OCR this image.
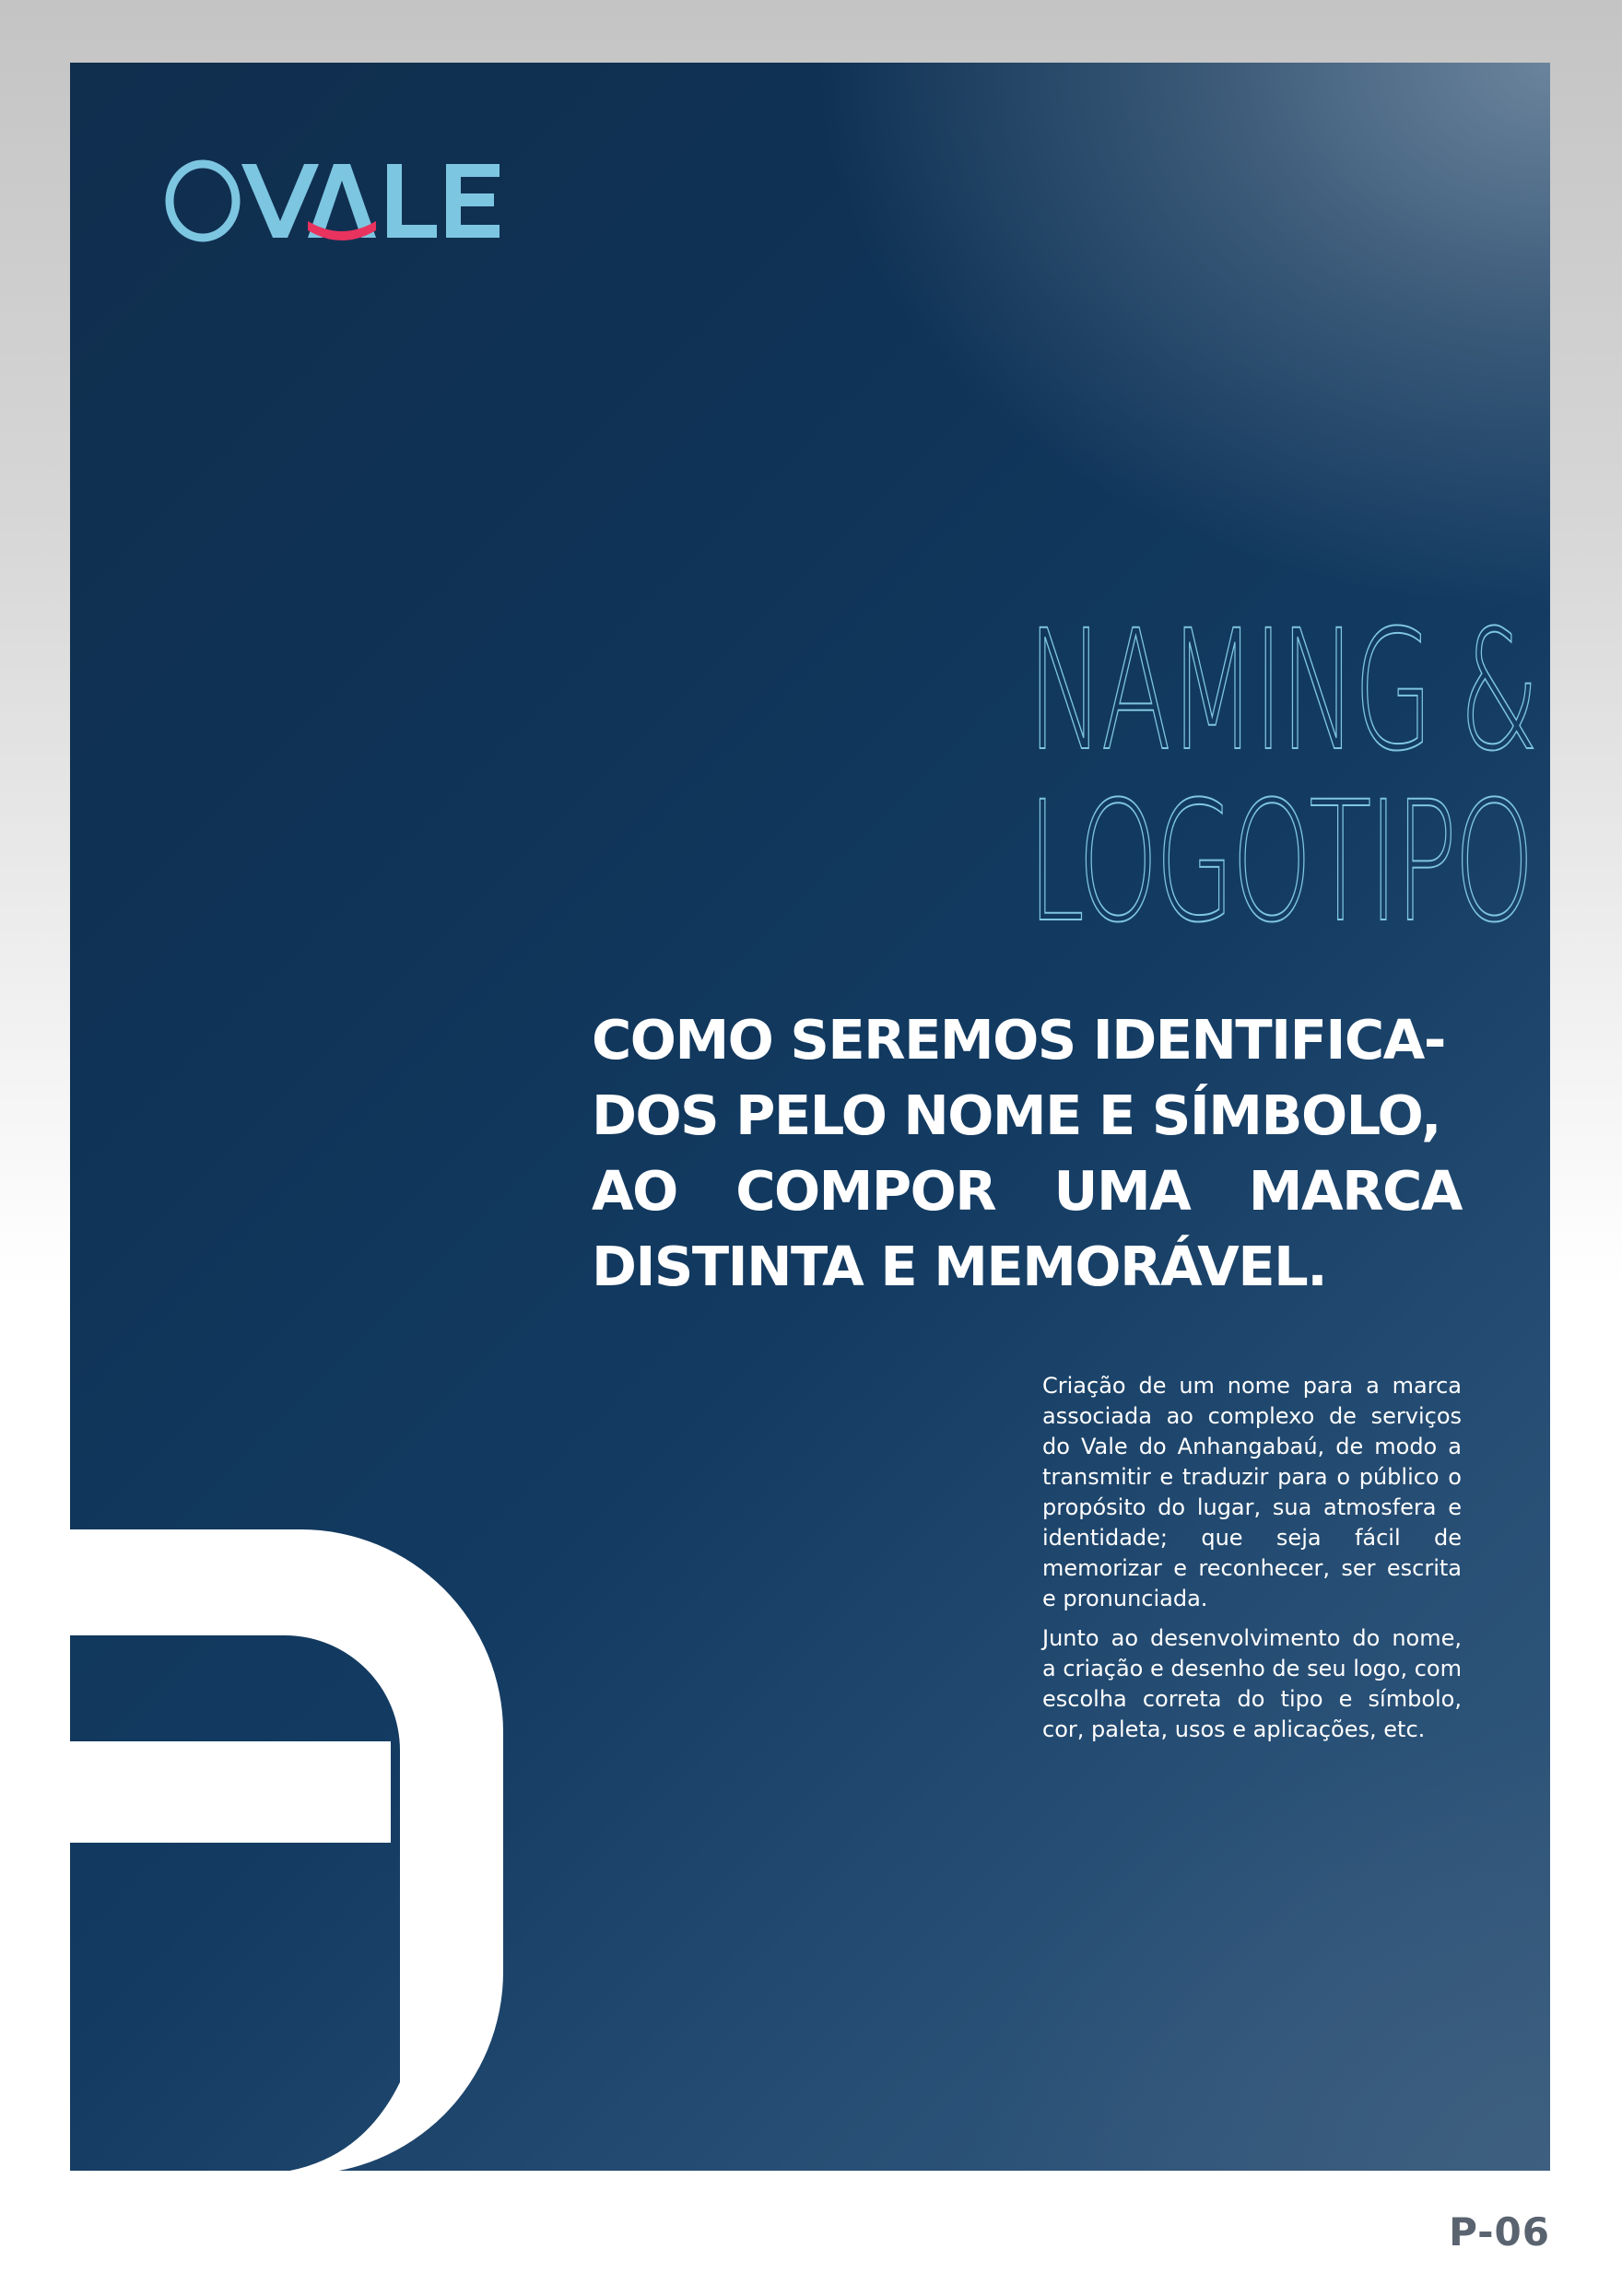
NAMING &
LOGOTIPO
COMO SEREMOS IDENTIFICA-
DOS PELO NOME E SÍMBOLO,
AO COMPOR UMA MARCA
DISTINTA E MEMORÁVEL.

Criação de um nome para a marca associada ao complexo de serviços do Vale do Anhangabaú, de modo a transmitir e traduzir para o público o propósito do lugar, sua atmosfera e identidade; que seja fácil de memorizar e reconhecer, ser escrita e pronunciada.

Junto ao desenvolvimento do nome, a criação e desenho de seu logo, com escolha correta do tipo e símbolo, cor, paleta, usos e aplicações, etc.

P-06
